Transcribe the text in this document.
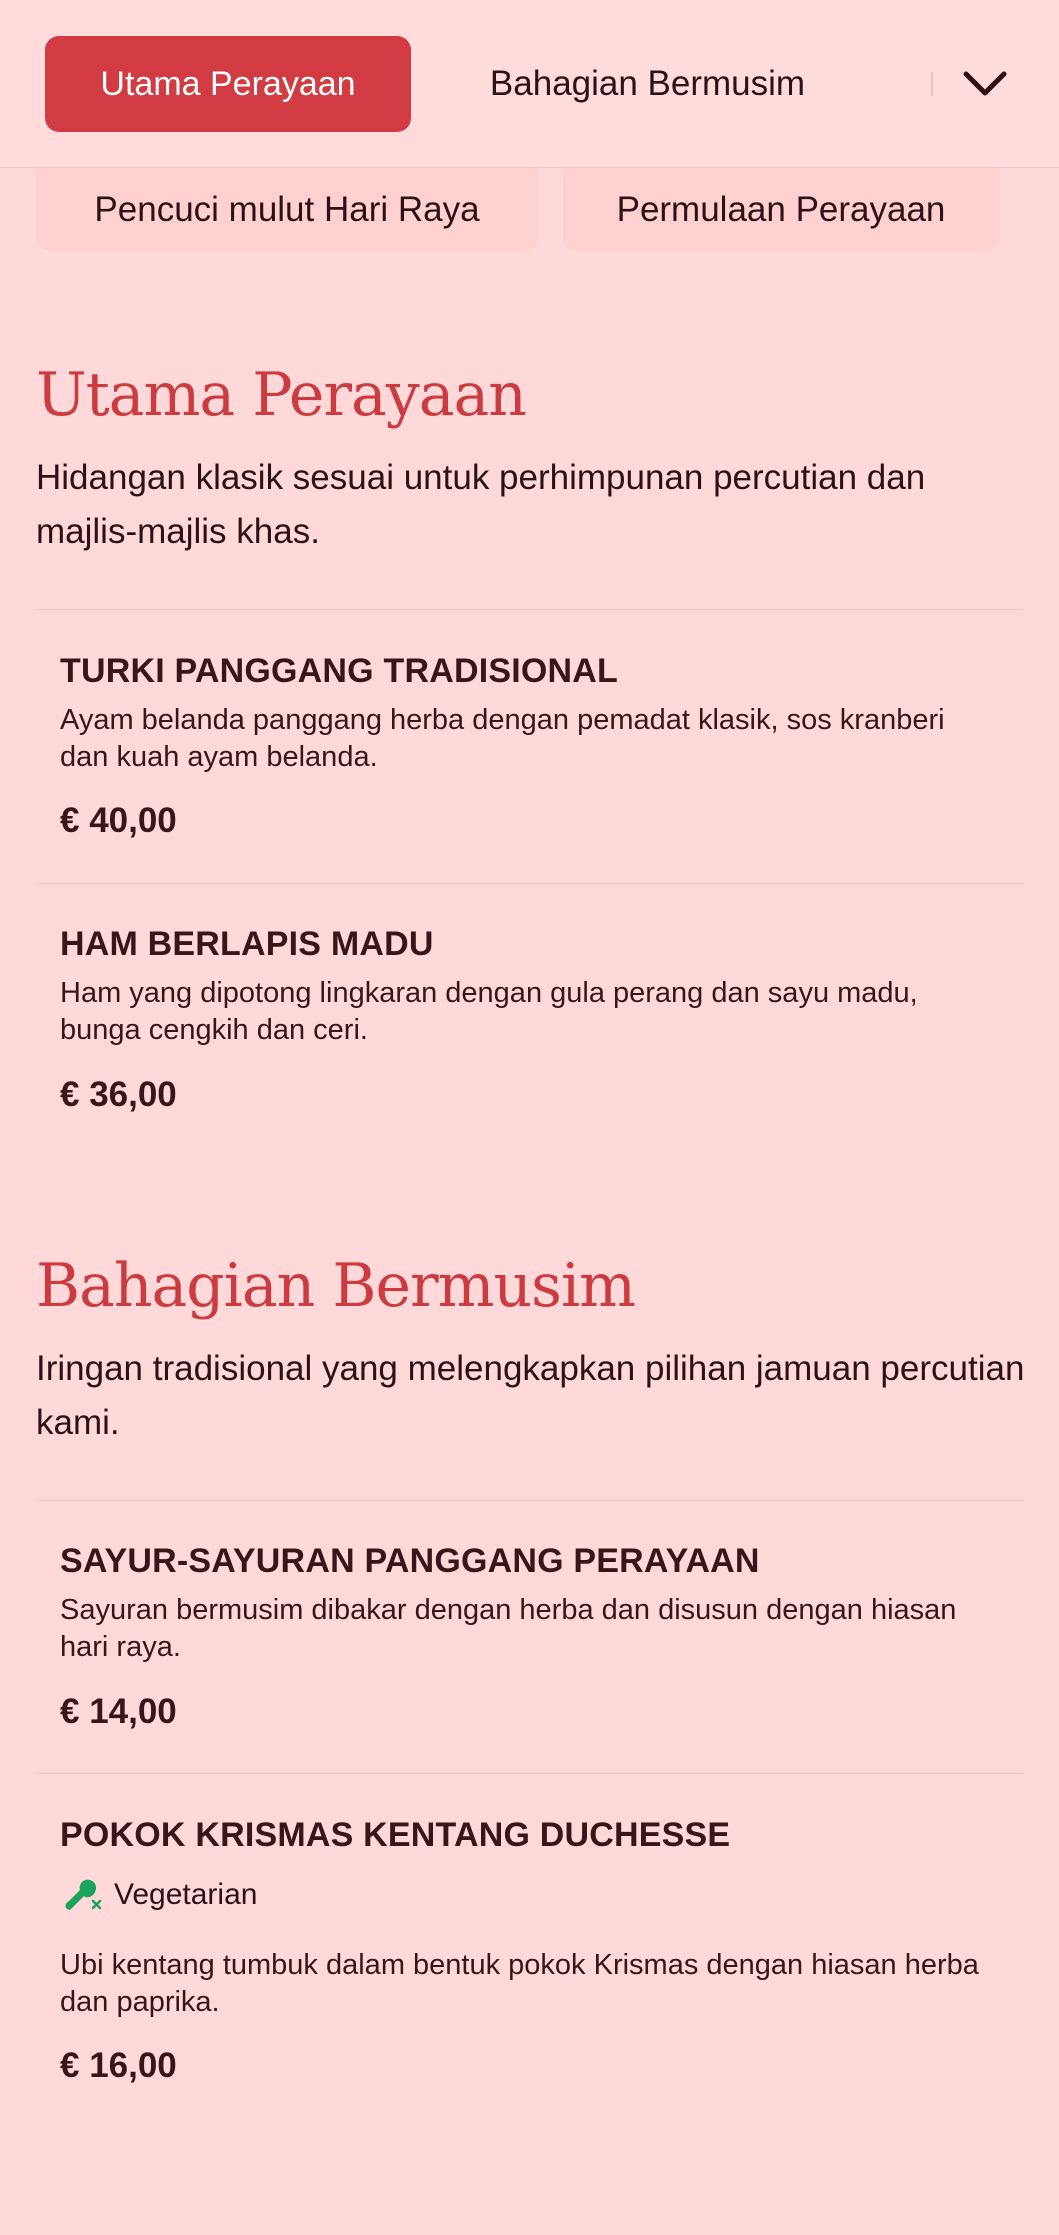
Utama Perayaan	Bahagian Bermusim
Pencuci mulut Hari Raya	Permulaan Perayaan
Utama Perayaan
Hidangan klasik sesuai untuk perhimpunan percutian dan majlis-majlis khas.
TURKI PANGGANG TRADISIONAL
Ayam belanda panggang herba dengan pemadat klasik, sos kranberi dan kuah ayam belanda.
€ 40,00
HAM BERLAPIS MADU
Ham yang dipotong lingkaran dengan gula perang dan sayu madu, bunga cengkih dan ceri.
€ 36,00
Bahagian Bermusim
Iringan tradisional yang melengkapkan pilihan jamuan percutian kami.
SAYUR-SAYURAN PANGGANG PERAYAAN
Sayuran bermusim dibakar dengan herba dan disusun dengan hiasan hari raya.
€ 14,00
POKOK KRISMAS KENTANG DUCHESSE
Vegetarian
Ubi kentang tumbuk dalam bentuk pokok Krismas dengan hiasan herba dan paprika.
€ 16,00
